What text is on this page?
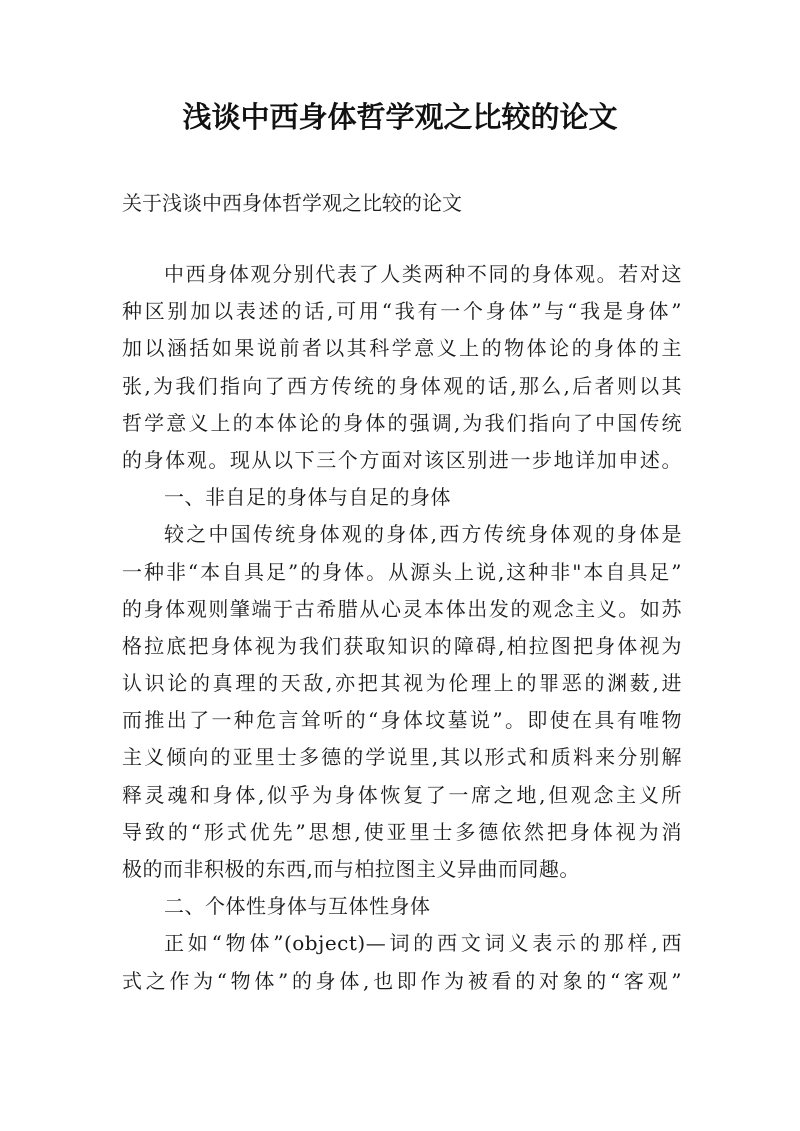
浅谈中西身体哲学观之比较的论文
关于浅谈中西身体哲学观之比较的论文
中西身体观分别代表了人类两种不同的身体观。若对这
种区别加以表述的话,可用“我有一个身体”与“我是身体”
加以涵括如果说前者以其科学意义上的物体论的身体的主
张,为我们指向了西方传统的身体观的话,那么,后者则以其
哲学意义上的本体论的身体的强调,为我们指向了中国传统
的身体观。现从以下三个方面对该区别进一步地详加申述。
一、非自足的身体与自足的身体
较之中国传统身体观的身体,西方传统身体观的身体是
一种非“本自具足”的身体。从源头上说,这种非"本自具足”
的身体观则肇端于古希腊从心灵本体出发的观念主义。如苏
格拉底把身体视为我们获取知识的障碍,柏拉图把身体视为
认识论的真理的天敌,亦把其视为伦理上的罪恶的渊薮,进
而推出了一种危言耸听的“身体坟墓说”。即使在具有唯物
主义倾向的亚里士多德的学说里,其以形式和质料来分别解
释灵魂和身体,似乎为身体恢复了一席之地,但观念主义所
导致的“形式优先”思想,使亚里士多德依然把身体视为消
极的而非积极的东西,而与柏拉图主义异曲而同趣。
二、个体性身体与互体性身体
正如“物体”(object)—词的西文词义表示的那样,西
式之作为“物体”的身体,也即作为被看的对象的“客观”
